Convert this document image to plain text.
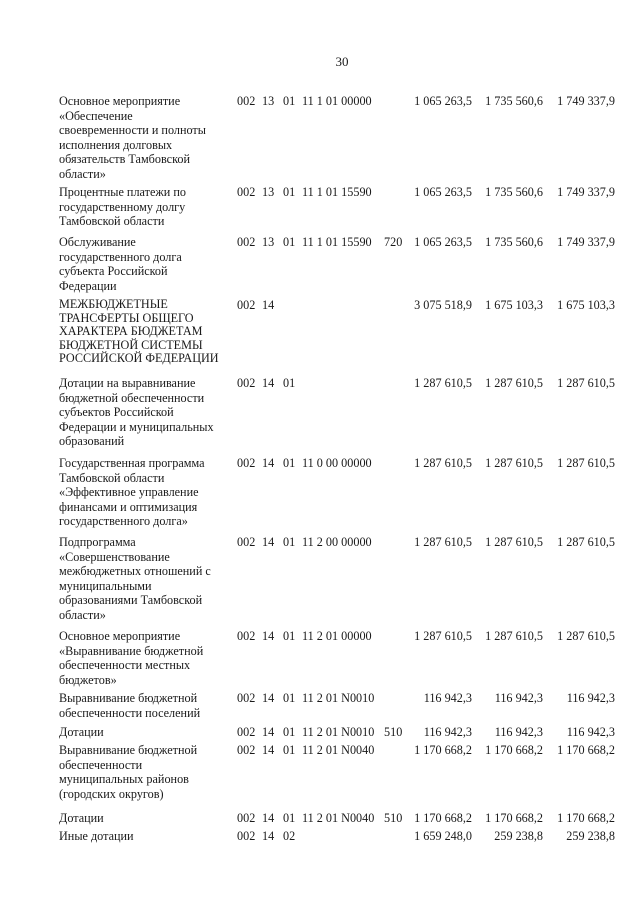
30
Основное мероприятие
«Обеспечение
своевременности и полноты
исполнения долговых
обязательств Тамбовской
области»
002 13 01 11 1 01 00000	1 065 263,5 1 735 560,6 1 749 337,9
Процентные платежи по
государственному долгу
Тамбовской области
002 13 01 11 1 01 15590	1 065 263,5 1 735 560,6 1 749 337,9
Обслуживание
государственного долга
субъекта Российской
Федерации
002 13 01 11 1 01 15590 720 1 065 263,5 1 735 560,6 1 749 337,9
МЕЖБЮДЖЕТНЫЕ
ТРАНСФЕРТЫ ОБЩЕГО
ХАРАКТЕРА БЮДЖЕТАМ
БЮДЖЕТНОЙ СИСТЕМЫ
РОССИЙСКОЙ ФЕДЕРАЦИИ
002 14	3 075 518,9 1 675 103,3 1 675 103,3
Дотации на выравнивание
бюджетной обеспеченности
субъектов Российской
Федерации и муниципальных
образований
002 14 01	1 287 610,5 1 287 610,5 1 287 610,5
Государственная программа
Тамбовской области
«Эффективное управление
финансами и оптимизация
государственного долга»
002 14 01 11 0 00 00000	1 287 610,5 1 287 610,5 1 287 610,5
Подпрограмма
«Совершенствование
межбюджетных отношений с
муниципальными
образованиями Тамбовской
области»
002 14 01 11 2 00 00000	1 287 610,5 1 287 610,5 1 287 610,5
Основное мероприятие
«Выравнивание бюджетной
обеспеченности местных
бюджетов»
002 14 01 11 2 01 00000	1 287 610,5 1 287 610,5 1 287 610,5
Выравнивание бюджетной
обеспеченности поселений
002 14 01 11 2 01 N0010	116 942,3 116 942,3 116 942,3
Дотации	002 14 01 11 2 01 N0010 510 116 942,3 116 942,3 116 942,3
Выравнивание бюджетной
обеспеченности
муниципальных районов
(городских округов)
002 14 01 11 2 01 N0040	1 170 668,2 1 170 668,2 1 170 668,2
Дотации	002 14 01 11 2 01 N0040 510 1 170 668,2 1 170 668,2 1 170 668,2
Иные дотации	002 14 02	1 659 248,0 259 238,8 259 238,8
